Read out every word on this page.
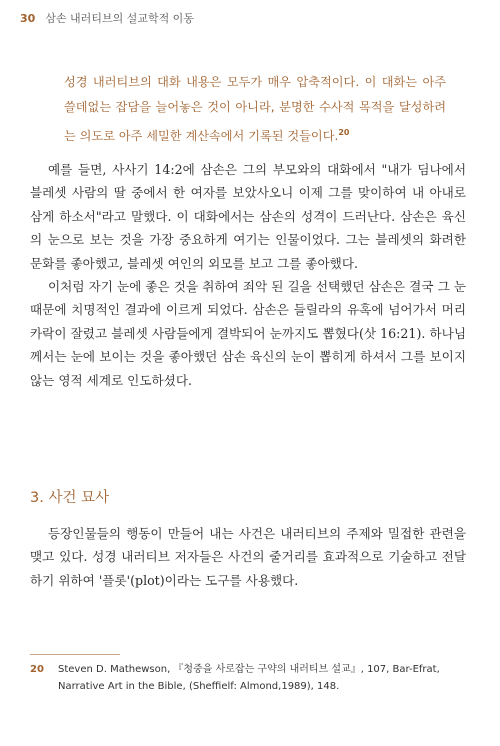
30 삼손 내러티브의 설교학적 이동
성경 내러티브의 대화 내용은 모두가 매우 압축적이다. 이 대화는 아주 쓸데없는 잡담을 늘어놓은 것이 아니라, 분명한 수사적 목적을 달성하려는 의도로 아주 세밀한 계산속에서 기록된 것들이다.$^{20}$

예를 들면, 사사기 14:2에 삼손은 그의 부모와의 대화에서 "내가 딤나에서 블레셋 사람의 딸 중에서 한 여자를 보았사오니 이제 그를 맞이하여 내 아내로 삼게 하소서"라고 말했다. 이 대화에서는 삼손의 성격이 드러난다. 삼손은 육신의 눈으로 보는 것을 가장 중요하게 여기는 인물이었다. 그는 블레셋의 화려한 문화를 좋아했고, 블레셋 여인의 외모를 보고 그를 좋아했다.

이처럼 자기 눈에 좋은 것을 취하여 죄악 된 길을 선택했던 삼손은 결국 그 눈 때문에 치명적인 결과에 이르게 되었다. 삼손은 들릴라의 유혹에 넘어가서 머리카락이 잘렸고 블레셋 사람들에게 결박되어 눈까지도 뽑혔다(삿 16:21). 하나님께서는 눈에 보이는 것을 좋아했던 삼손 육신의 눈이 뽑히게 하셔서 그를 보이지 않는 영적 세계로 인도하셨다.

3. 사건 묘사

등장인물들의 행동이 만들어 내는 사건은 내러티브의 주제와 밀접한 관련을 맺고 있다. 성경 내러티브 저자들은 사건의 줄거리를 효과적으로 기술하고 전달하기 위하여 '플롯'(plot)이라는 도구를 사용했다.

20	Steven D. Mathewson, 『청중을 사로잡는 구약의 내러티브 설교』, 107, Bar-Efrat, Narrative Art in the Bible, (Sheffielf: Almond,1989), 148.
